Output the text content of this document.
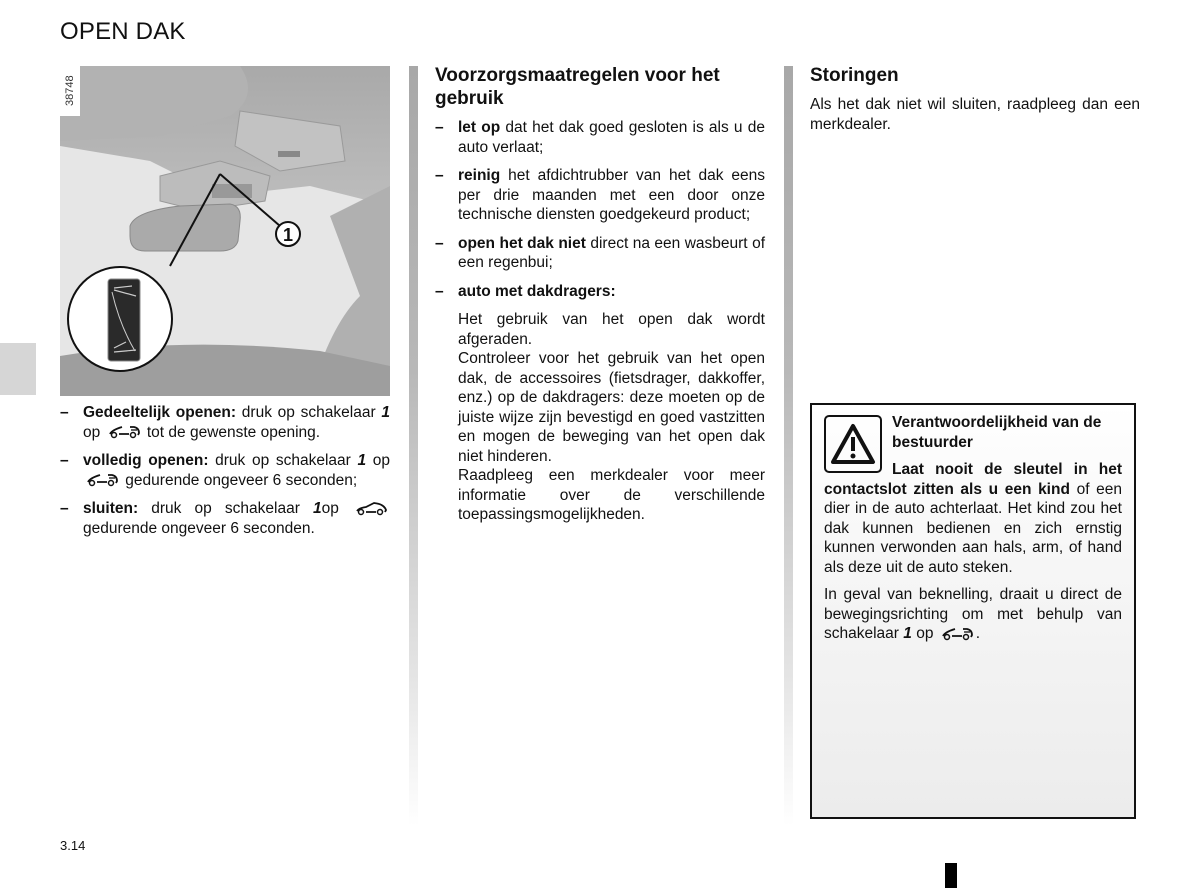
OPEN DAK
1
38748
– Gedeeltelijk openen: druk op schakelaar 1 op  tot de gewenste opening.
– volledig openen: druk op schakelaar 1 op  gedurende ongeveer 6 seconden;
– sluiten: druk op schakelaar 1op  gedurende ongeveer 6 seconden.
Voorzorgsmaatregelen voor het gebruik
– let op dat het dak goed gesloten is als u de auto verlaat;
– reinig het afdichtrubber van het dak eens per drie maanden met een door onze technische diensten goedgekeurd product;
– open het dak niet direct na een wasbeurt of een regenbui;
– auto met dakdragers:

Het gebruik van het open dak wordt afgeraden.

Controleer voor het gebruik van het open dak, de accessoires (fietsdrager, dakkoffer, enz.) op de dakdragers: deze moeten op de juiste wijze zijn bevestigd en goed vastzitten en mogen de beweging van het open dak niet hinderen.

Raadpleeg een merkdealer voor meer informatie over de verschillende toepassingsmogelijkheden.

Storingen

Als het dak niet wil sluiten, raadpleeg dan een merkdealer.

Verantwoordelijkheid van de bestuurder
Laat nooit de sleutel in het contactslot zitten als u een kind of een dier in de auto achterlaat. Het kind zou het dak kunnen bedienen en zich ernstig kunnen verwonden aan hals, arm, of hand als deze uit de auto steken.
In geval van beknelling, draait u direct de bewegingsrichting om met behulp van schakelaar 1 op .
3.14
